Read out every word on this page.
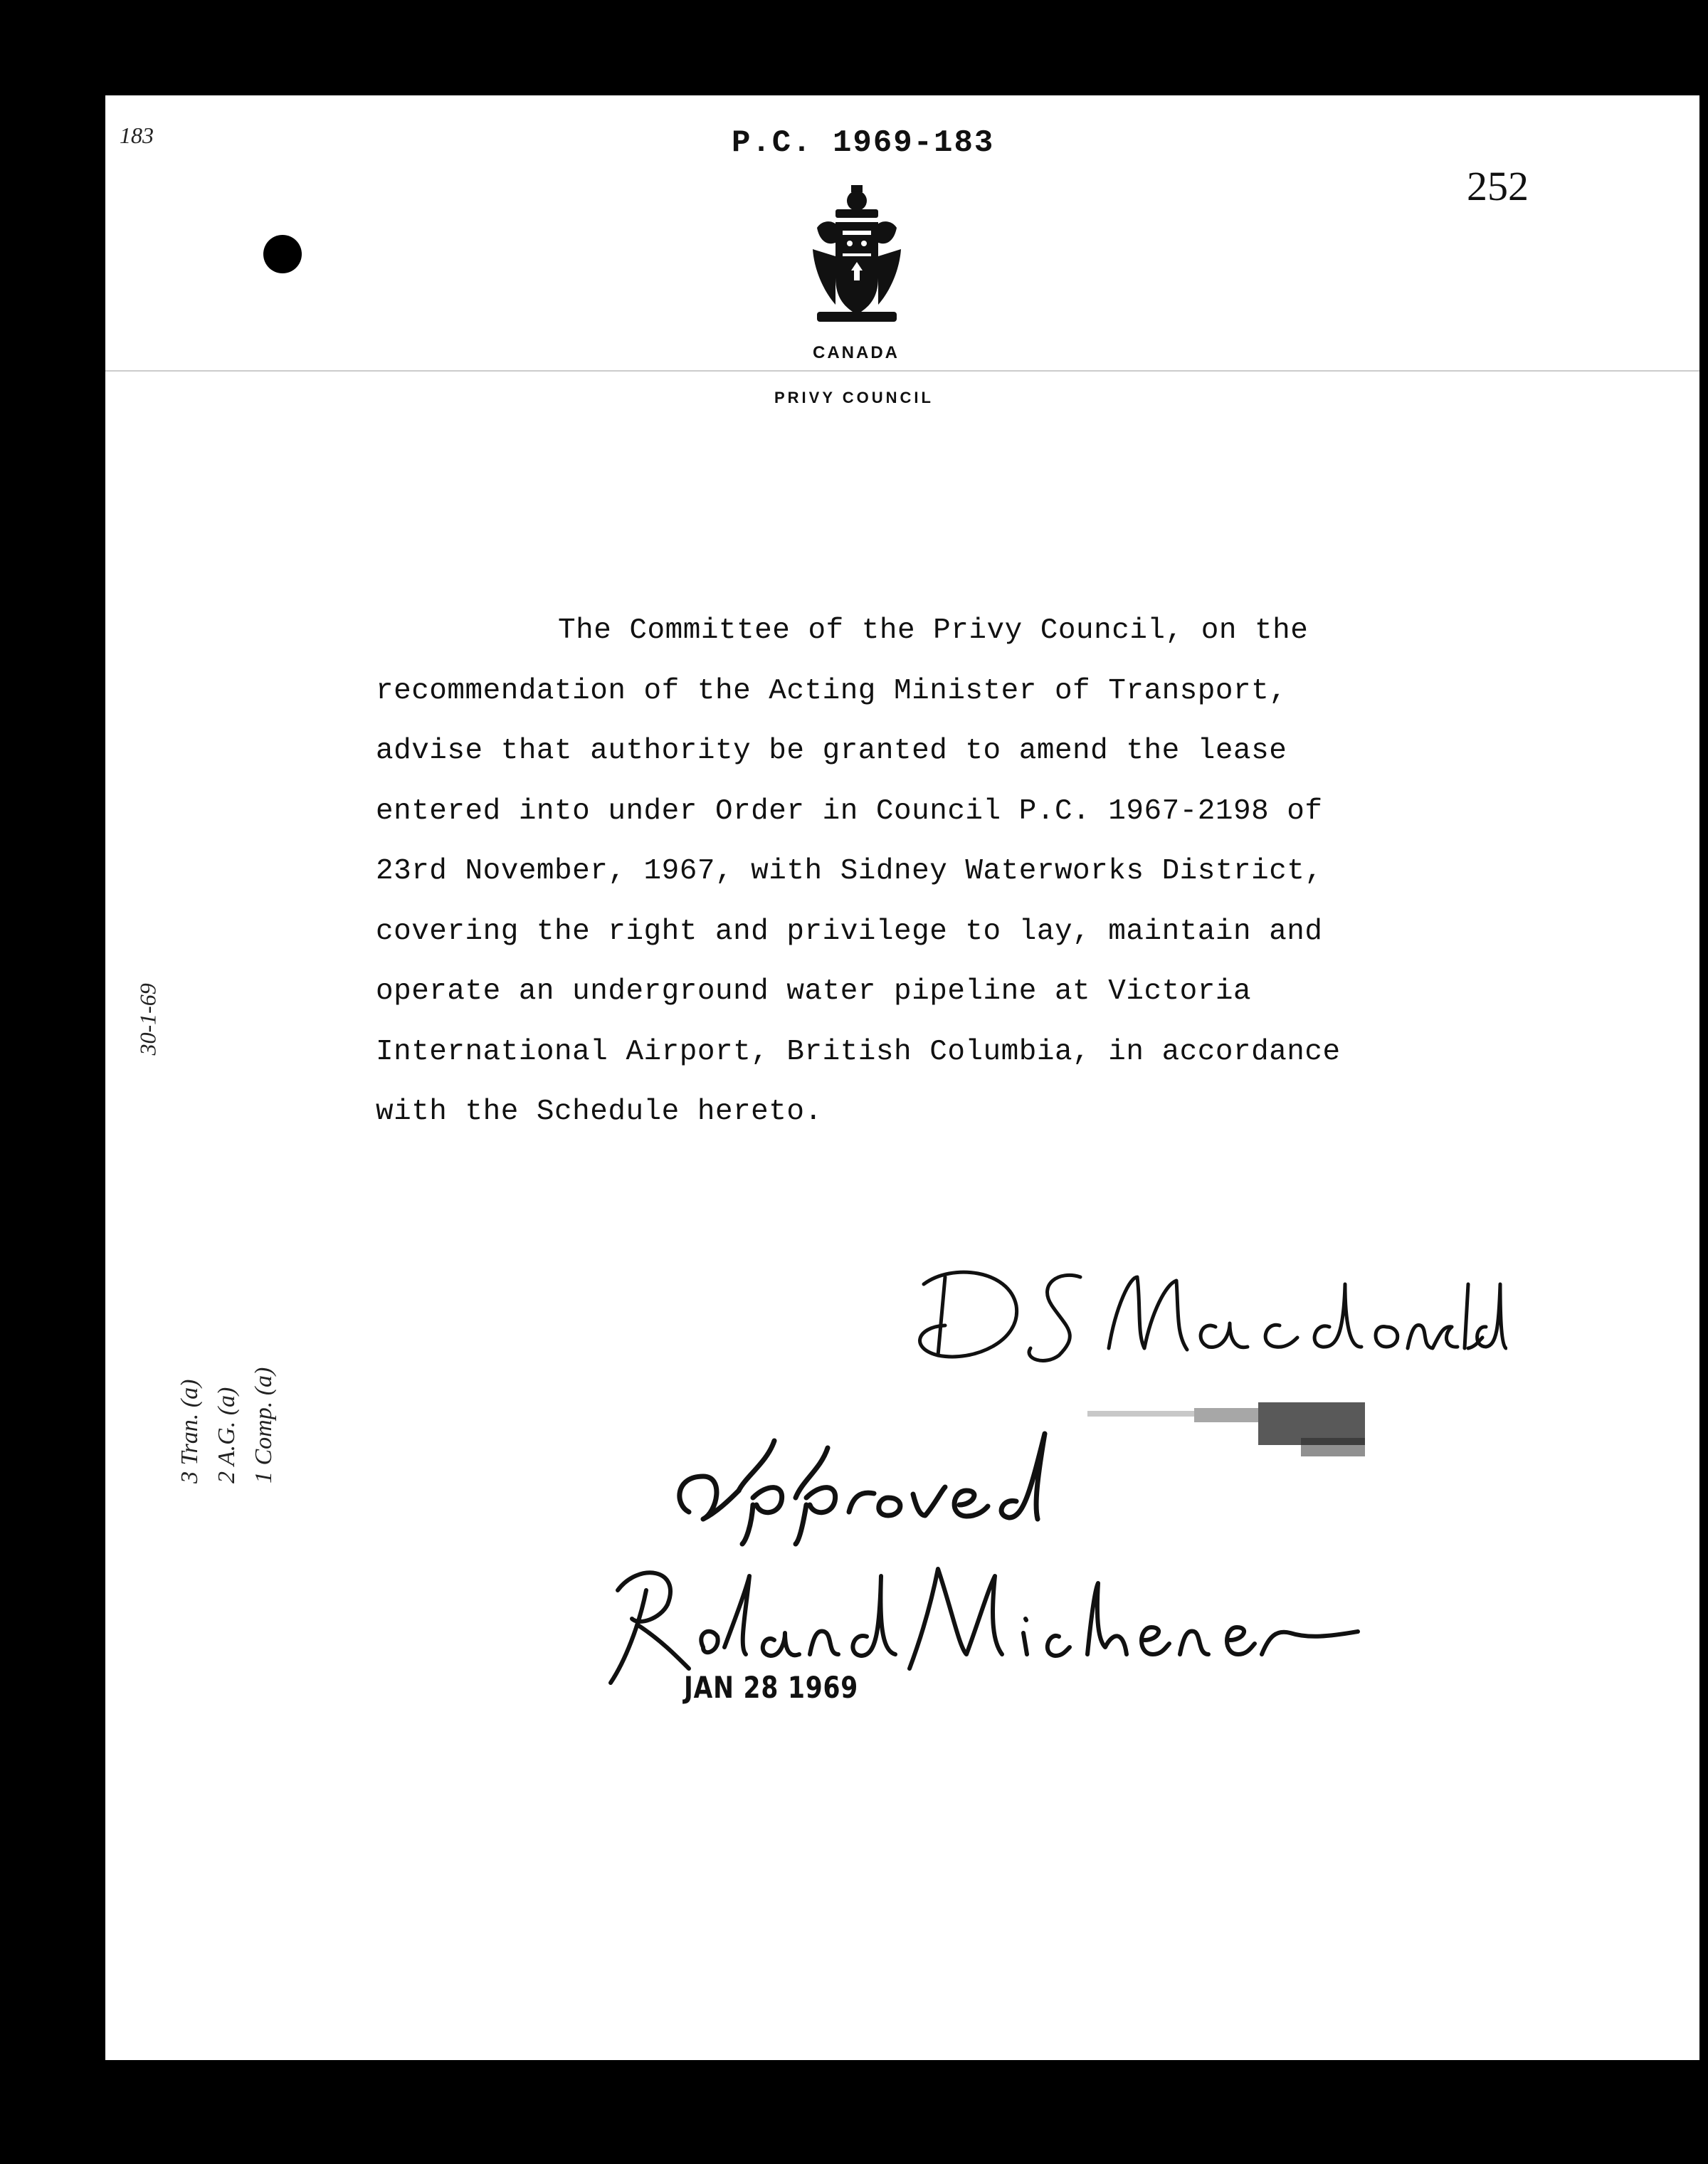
183	P.C. 1969-183
252
CANADA
PRIVY COUNCIL
The Committee of the Privy Council, on the
recommendation of the Acting Minister of Transport,
advise that authority be granted to amend the lease
entered into under Order in Council P.C. 1967-2198 of
23rd November, 1967, with Sidney Waterworks District,
covering the right and privilege to lay, maintain and
operate an underground water pipeline at Victoria
International Airport, British Columbia, in accordance
with the Schedule hereto.
3 Tran. (a) 2 A.G. (a) 1 Comp. (a)
30-1-69
JAN 28 1969
